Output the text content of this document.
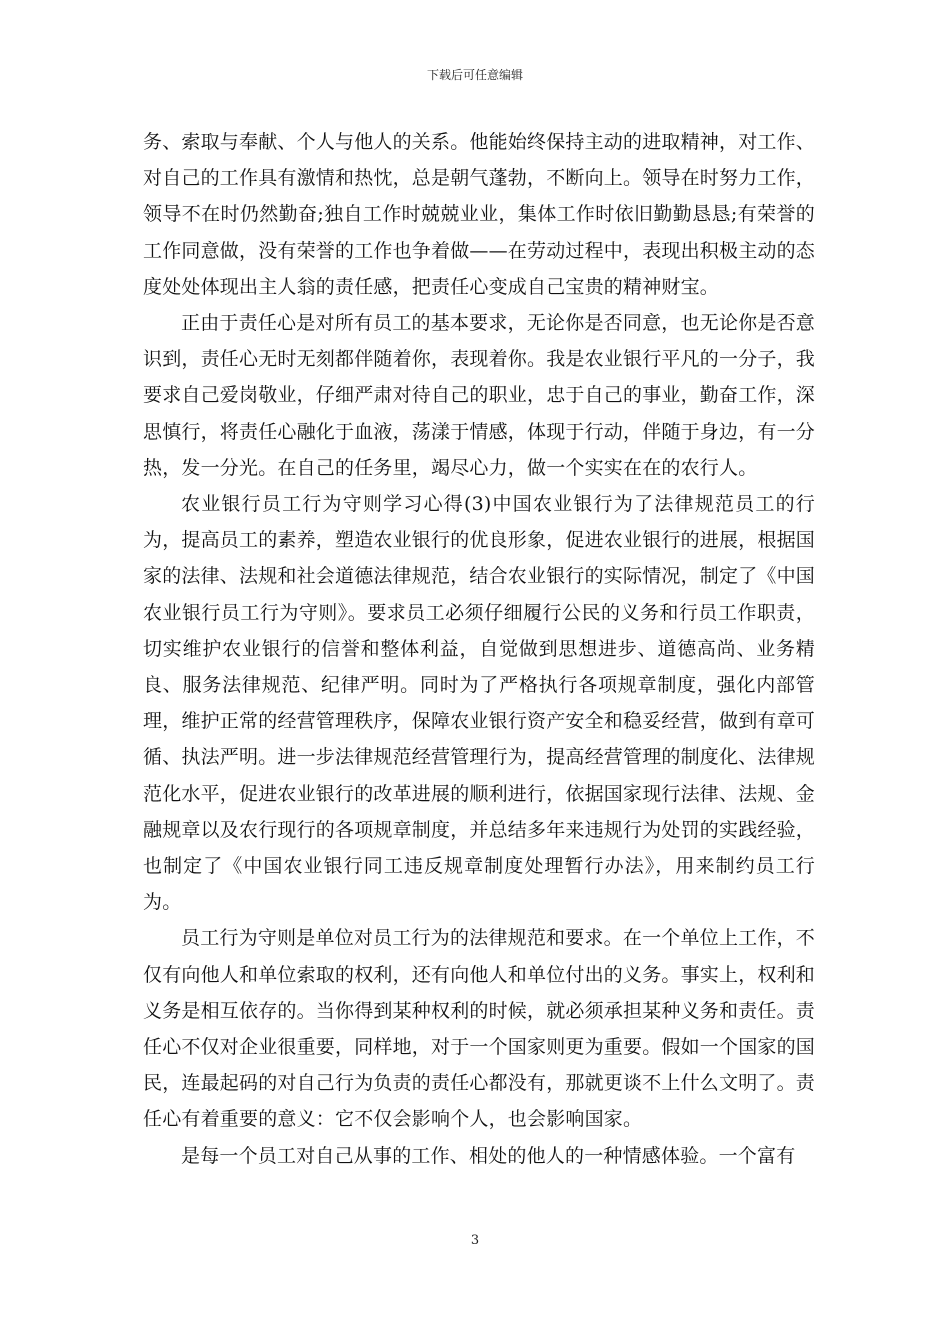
下载后可任意编辑

务、索取与奉献、个人与他人的关系。他能始终保持主动的进取精神，对工作、对自己的工作具有激情和热忱，总是朝气蓬勃，不断向上。领导在时努力工作，领导不在时仍然勤奋;独自工作时兢兢业业，集体工作时依旧勤勤恳恳;有荣誉的工作同意做，没有荣誉的工作也争着做——在劳动过程中，表现出积极主动的态度处处体现出主人翁的责任感，把责任心变成自己宝贵的精神财宝。

正由于责任心是对所有员工的基本要求，无论你是否同意，也无论你是否意识到，责任心无时无刻都伴随着你，表现着你。我是农业银行平凡的一分子，我要求自己爱岗敬业，仔细严肃对待自己的职业，忠于自己的事业，勤奋工作，深思慎行，将责任心融化于血液，荡漾于情感，体现于行动，伴随于身边，有一分热，发一分光。在自己的任务里，竭尽心力，做一个实实在在的农行人。

农业银行员工行为守则学习心得(3)中国农业银行为了法律规范员工的行为，提高员工的素养，塑造农业银行的优良形象，促进农业银行的进展，根据国家的法律、法规和社会道德法律规范，结合农业银行的实际情况，制定了《中国农业银行员工行为守则》。要求员工必须仔细履行公民的义务和行员工作职责，切实维护农业银行的信誉和整体利益，自觉做到思想进步、道德高尚、业务精良、服务法律规范、纪律严明。同时为了严格执行各项规章制度，强化内部管理，维护正常的经营管理秩序，保障农业银行资产安全和稳妥经营，做到有章可循、执法严明。进一步法律规范经营管理行为，提高经营管理的制度化、法律规范化水平，促进农业银行的改革进展的顺利进行，依据国家现行法律、法规、金融规章以及农行现行的各项规章制度，并总结多年来违规行为处罚的实践经验，也制定了《中国农业银行同工违反规章制度处理暂行办法》，用来制约员工行为。

员工行为守则是单位对员工行为的法律规范和要求。在一个单位上工作，不仅有向他人和单位索取的权利，还有向他人和单位付出的义务。事实上，权利和义务是相互依存的。当你得到某种权利的时候，就必须承担某种义务和责任。责任心不仅对企业很重要，同样地，对于一个国家则更为重要。假如一个国家的国民，连最起码的对自己行为负责的责任心都没有，那就更谈不上什么文明了。责任心有着重要的意义：它不仅会影响个人，也会影响国家。

是每一个员工对自己从事的工作、相处的他人的一种情感体验。一个富有

3
